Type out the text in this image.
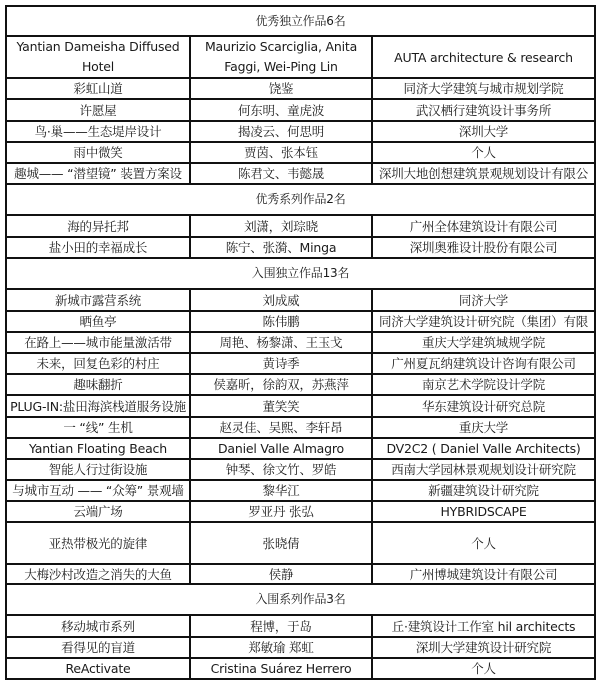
优秀独立作品6名		
Yantian Dameisha Diffused Hotel	Maurizio Scarciglia, Anita Faggi, Wei-Ping Lin	AUTA architecture & research
彩虹山道	饶鉴	同济大学建筑与城市规划学院
许愿屋	何东明、童虎波	武汉栖行建筑设计事务所
鸟·巢——生态堤岸设计	揭凌云、何思明	深圳大学
雨中微笑	贾茵、张本钰	个人
趣城—— “潜望镜” 装置方案设	陈君文、韦懿晟	深圳大地创想建筑景观规划设计有限公
优秀系列作品2名		
海的异托邦	刘潇，刘琮晓	广州全体建筑设计有限公司
盐小田的幸福成长	陈宁、张漪、Minga	深圳奥雅设计股份有限公司
入围独立作品13名		
新城市露营系统	刘成威	同济大学
晒鱼亭	陈伟鹏	同济大学建筑设计研究院（集团）有限
在路上——城市能量激活带	周艳、杨黎潇、王玉戈	重庆大学建筑城规学院
未来，回复色彩的村庄	黄诗季	广州夏瓦纳建筑设计咨询有限公司
趣味翻折	侯嘉昕，徐韵双，苏燕萍	南京艺术学院设计学院
PLUG-IN:盐田海滨栈道服务设施	董笑笑	华东建筑设计研究总院
一 “线” 生机	赵灵佳、吴熙、李轩昂	重庆大学
Yantian Floating Beach	Daniel Valle Almagro	DV2C2 ( Daniel Valle Architects)
智能人行过街设施	钟琴、徐文竹、罗皓	西南大学园林景观规划设计研究院
与城市互动 —— “众筹” 景观墙	黎华江	新疆建筑设计研究院
云端广场	罗亚丹 张弘	HYBRIDSCAPE
亚热带极光的旋律	张晓倩	个人
大梅沙村改造之消失的大鱼	侯静	广州博城建筑设计有限公司
入围系列作品3名		
移动城市系列	程博，于岛	丘·建筑设计工作室 hil architects
看得见的盲道	郑敏瑜 郑虹	深圳大学建筑设计研究院
ReActivate	Cristina Suárez Herrero	个人
